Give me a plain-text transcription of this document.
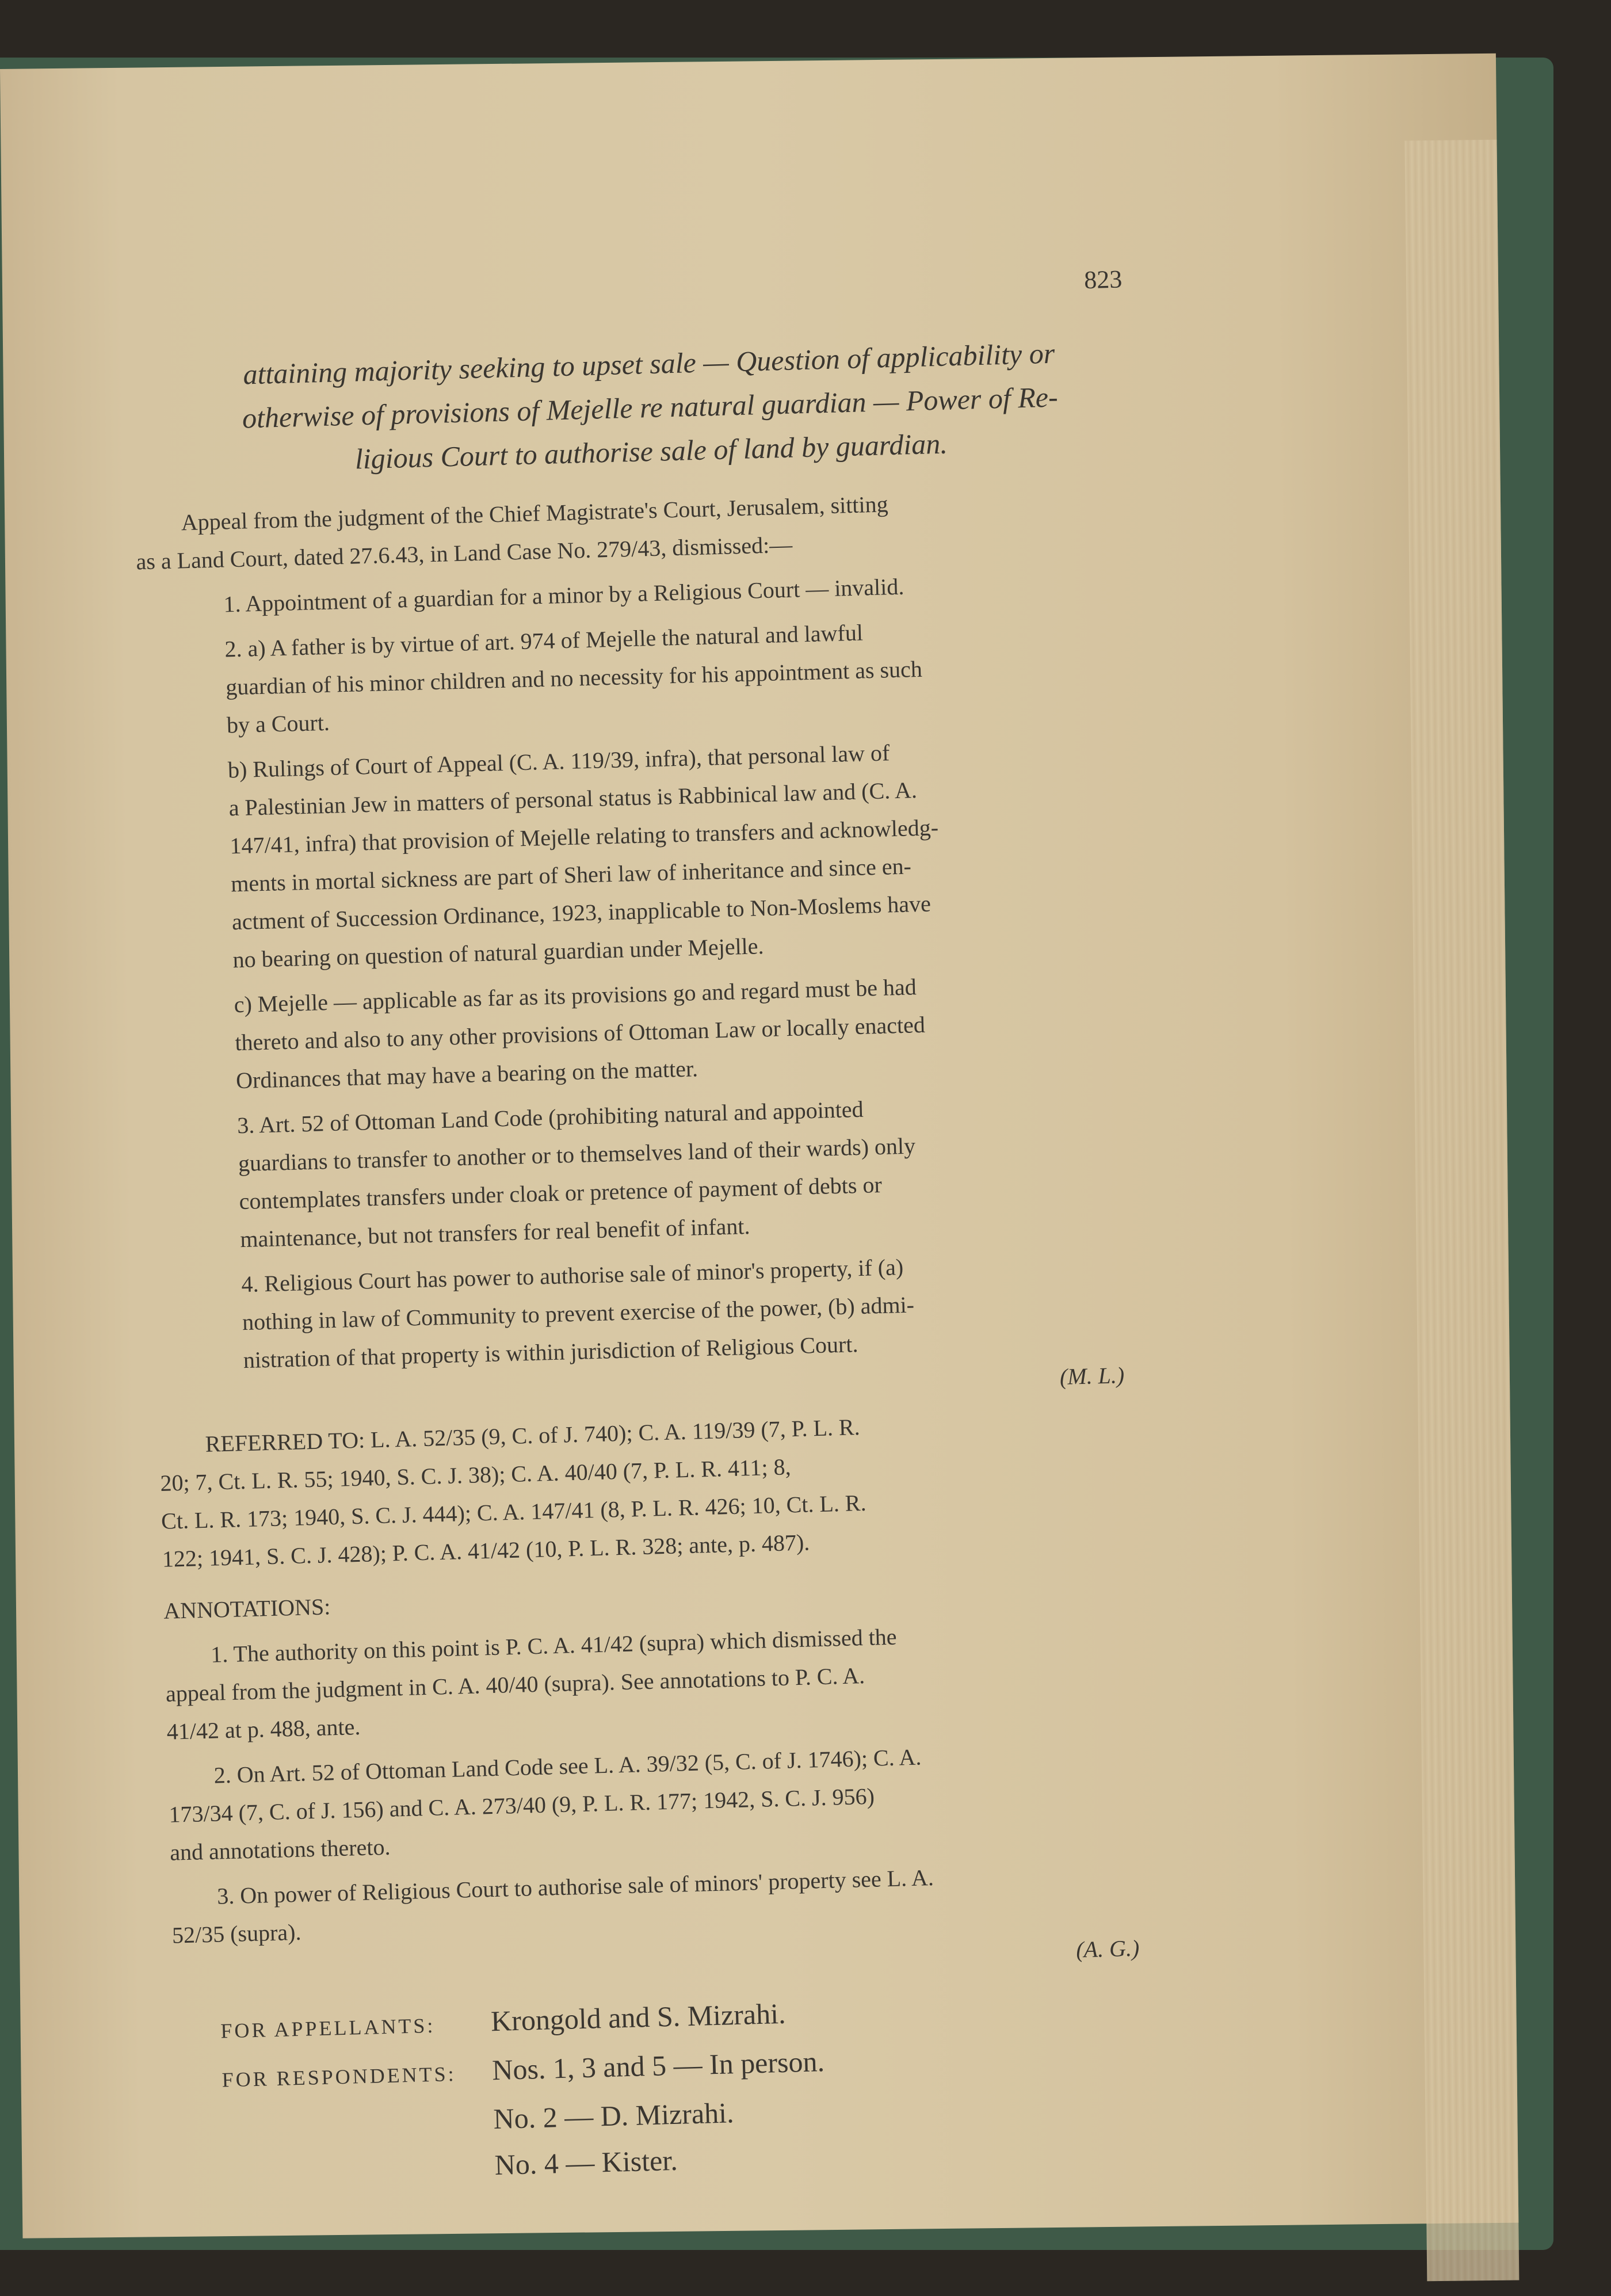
823
attaining majority seeking to upset sale — Question of applicability or
otherwise of provisions of Mejelle re natural guardian — Power of Re-
ligious Court to authorise sale of land by guardian.
Appeal from the judgment of the Chief Magistrate's Court, Jerusalem, sitting
as a Land Court, dated 27.6.43, in Land Case No. 279/43, dismissed:—
1. Appointment of a guardian for a minor by a Religious Court — invalid.
2. a) A father is by virtue of art. 974 of Mejelle the natural and lawful
guardian of his minor children and no necessity for his appointment as such
by a Court.
b) Rulings of Court of Appeal (C. A. 119/39, infra), that personal law of
a Palestinian Jew in matters of personal status is Rabbinical law and (C. A.
147/41, infra) that provision of Mejelle relating to transfers and acknowledg-
ments in mortal sickness are part of Sheri law of inheritance and since en-
actment of Succession Ordinance, 1923, inapplicable to Non-Moslems have
no bearing on question of natural guardian under Mejelle.
c) Mejelle — applicable as far as its provisions go and regard must be had
thereto and also to any other provisions of Ottoman Law or locally enacted
Ordinances that may have a bearing on the matter.
3. Art. 52 of Ottoman Land Code (prohibiting natural and appointed
guardians to transfer to another or to themselves land of their wards) only
contemplates transfers under cloak or pretence of payment of debts or
maintenance, but not transfers for real benefit of infant.
4. Religious Court has power to authorise sale of minor's property, if (a)
nothing in law of Community to prevent exercise of the power, (b) admi-
nistration of that property is within jurisdiction of Religious Court.
(M. L.)
REFERRED TO: L. A. 52/35 (9, C. of J. 740); C. A. 119/39 (7, P. L. R.
20; 7, Ct. L. R. 55; 1940, S. C. J. 38); C. A. 40/40 (7, P. L. R. 411; 8,
Ct. L. R. 173; 1940, S. C. J. 444); C. A. 147/41 (8, P. L. R. 426; 10, Ct. L. R.
122; 1941, S. C. J. 428); P. C. A. 41/42 (10, P. L. R. 328; ante, p. 487).
ANNOTATIONS:
1. The authority on this point is P. C. A. 41/42 (supra) which dismissed the
appeal from the judgment in C. A. 40/40 (supra). See annotations to P. C. A.
41/42 at p. 488, ante.
2. On Art. 52 of Ottoman Land Code see L. A. 39/32 (5, C. of J. 1746); C. A.
173/34 (7, C. of J. 156) and C. A. 273/40 (9, P. L. R. 177; 1942, S. C. J. 956)
and annotations thereto.
3. On power of Religious Court to authorise sale of minors' property see L. A.
52/35 (supra).
(A. G.)
FOR APPELLANTS: Krongold and S. Mizrahi.
FOR RESPONDENTS: Nos. 1, 3 and 5 — In person.
No. 2 — D. Mizrahi.
No. 4 — Kister.
